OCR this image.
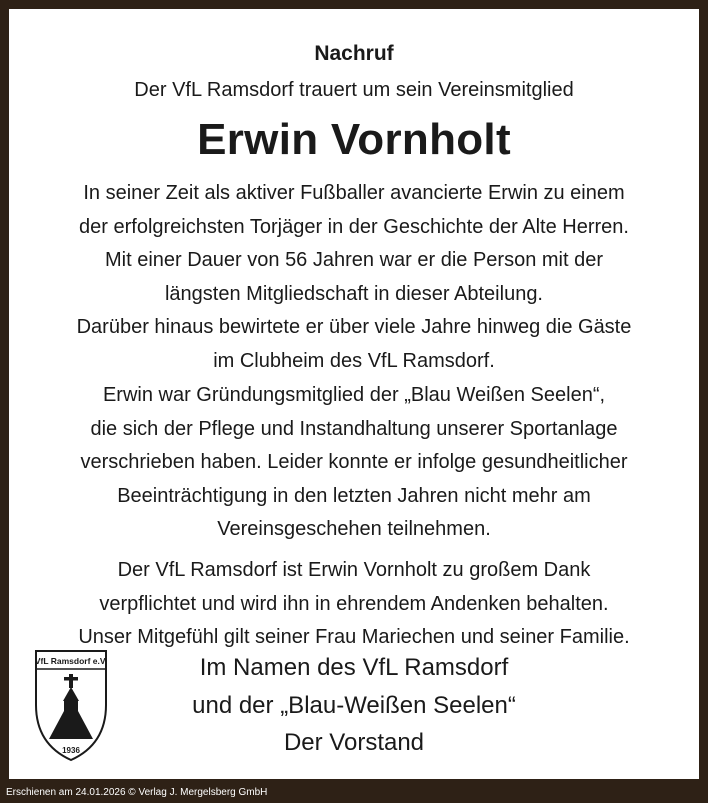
Nachruf
Der VfL Ramsdorf trauert um sein Vereinsmitglied
Erwin Vornholt
In seiner Zeit als aktiver Fußballer avancierte Erwin zu einem
der erfolgreichsten Torjäger in der Geschichte der Alte Herren.
Mit einer Dauer von 56 Jahren war er die Person mit der
längsten Mitgliedschaft in dieser Abteilung.
Darüber hinaus bewirtete er über viele Jahre hinweg die Gäste
im Clubheim des VfL Ramsdorf.
Erwin war Gründungsmitglied der „Blau Weißen Seelen“,
die sich der Pflege und Instandhaltung unserer Sportanlage
verschrieben haben. Leider konnte er infolge gesundheitlicher
Beeinträchtigung in den letzten Jahren nicht mehr am
Vereinsgeschehen teilnehmen.
Der VfL Ramsdorf ist Erwin Vornholt zu großem Dank
verpflichtet und wird ihn in ehrendem Andenken behalten.
Unser Mitgefühl gilt seiner Frau Mariechen und seiner Familie.
VfL Ramsdorf e.V.
1936
Im Namen des VfL Ramsdorf
und der „Blau-Weißen Seelen“
Der Vorstand
Erschienen am 24.01.2026 © Verlag J. Mergelsberg GmbH
